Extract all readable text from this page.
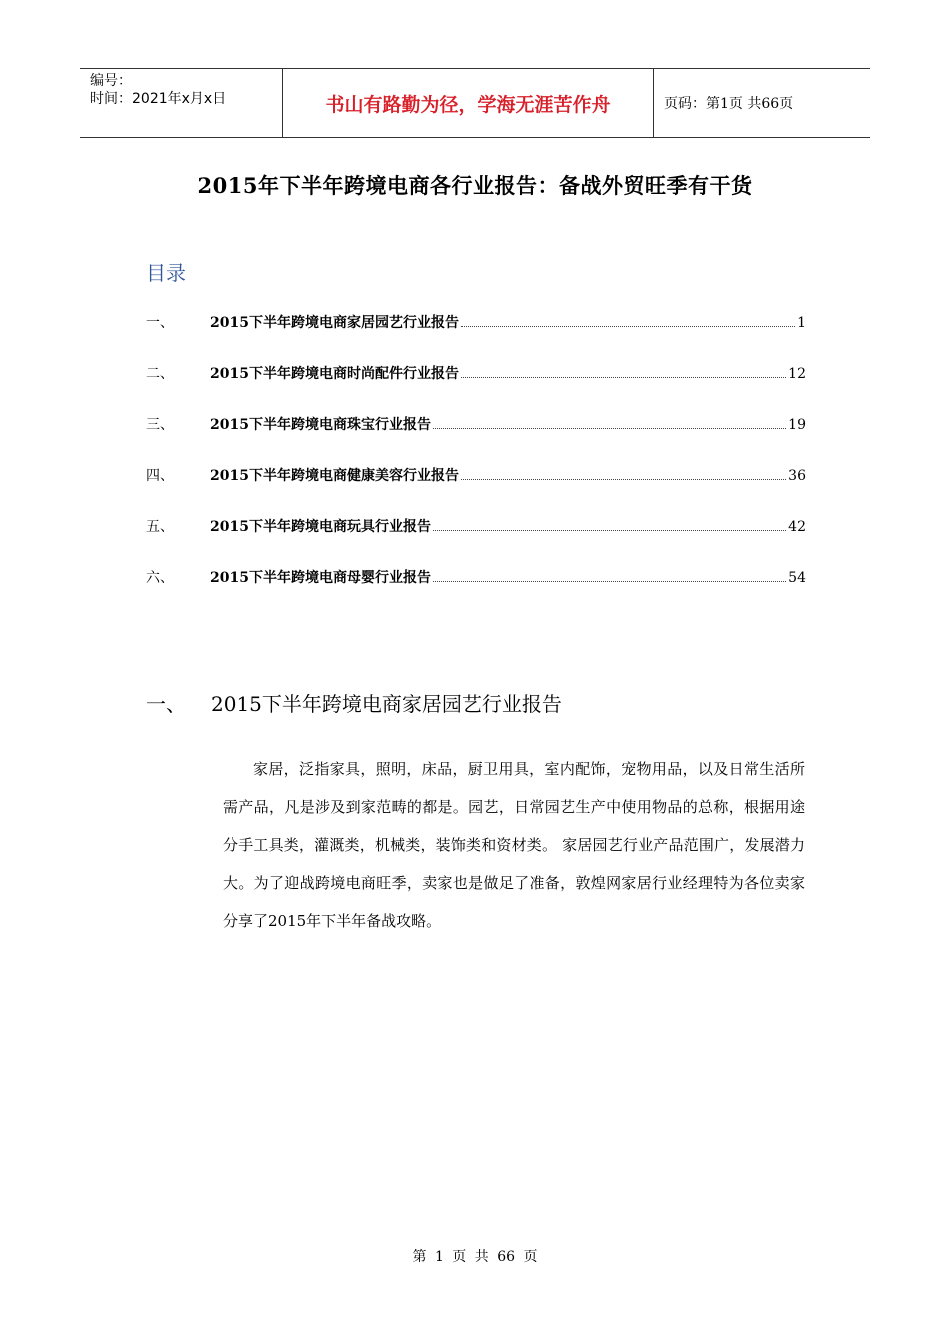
编号：
时间：2021年x月x日	书山有路勤为径，学海无涯苦作舟	页码：第1页 共66页
2015年下半年跨境电商各行业报告：备战外贸旺季有干货
目录
一、	2015下半年跨境电商家居园艺行业报告	1
二、	2015下半年跨境电商时尚配件行业报告	12
三、	2015下半年跨境电商珠宝行业报告	19
四、	2015下半年跨境电商健康美容行业报告	36
五、	2015下半年跨境电商玩具行业报告	42
六、	2015下半年跨境电商母婴行业报告	54
一、	2015下半年跨境电商家居园艺行业报告
家居，泛指家具，照明，床品，厨卫用具，室内配饰，宠物用品，以及日常生活所需产品，凡是涉及到家范畴的都是。园艺，日常园艺生产中使用物品的总称，根据用途分手工具类，灌溉类，机械类，装饰类和资材类。 家居园艺行业产品范围广，发展潜力大。为了迎战跨境电商旺季，卖家也是做足了准备，敦煌网家居行业经理特为各位卖家分享了2015年下半年备战攻略。
第 1 页 共 66 页
